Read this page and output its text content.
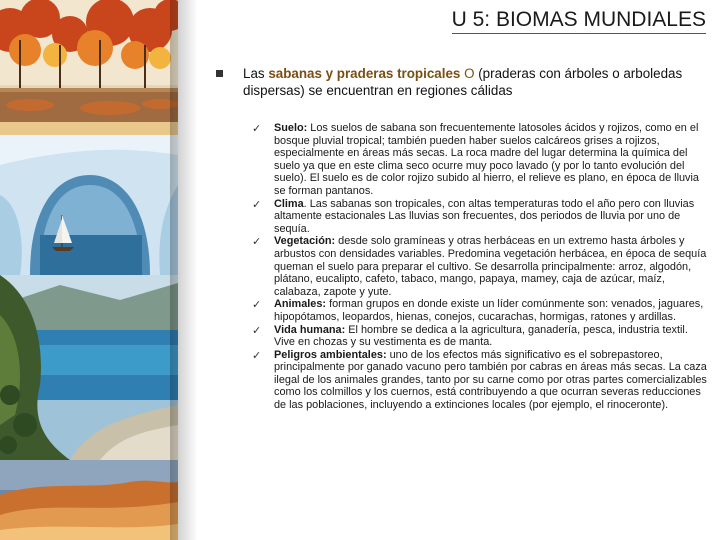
U 5: BIOMAS MUNDIALES
Las sabanas y praderas tropicales O (praderas con árboles o arboledas dispersas) se encuentran en regiones cálidas
✓ Suelo: Los suelos de sabana son frecuentemente latosoles ácidos y rojizos, como en el bosque pluvial tropical; también pueden haber suelos calcáreos grises a rojizos, especialmente en áreas más secas. La roca madre del lugar determina la química del suelo ya que en este clima seco ocurre muy poco lavado (y por lo tanto evolución del suelo). El suelo es de color rojizo subido al hierro, el relieve es plano, en época de lluvia se forman pantanos.
✓ Clima. Las sabanas son tropicales, con altas temperaturas todo el año pero con lluvias altamente estacionales Las lluvias son frecuentes, dos periodos de lluvia por uno de sequía.
✓ Vegetación: desde solo gramíneas y otras herbáceas en un extremo hasta árboles y arbustos con densidades variables. Predomina vegetación herbácea, en época de sequía queman el suelo para preparar el cultivo. Se desarrolla principalmente: arroz, algodón, plátano, eucalipto, cafeto, tabaco, mango, papaya, mamey, caja de azúcar, maíz, calabaza, zapote y yute.
✓ Animales: forman grupos en donde existe un líder comúnmente son: venados, jaguares, hipopótamos, leopardos, hienas, conejos, cucarachas, hormigas, ratones y ardillas.
✓ Vida humana: El hombre se dedica a la agricultura, ganadería, pesca, industria textil. Vive en chozas y su vestimenta es de manta.
✓ Peligros ambientales: uno de los efectos más significativo es el sobrepastoreo, principalmente por ganado vacuno pero también por cabras en áreas más secas. La caza ilegal de los animales grandes, tanto por su carne como por otras partes comercializables como los colmillos y los cuernos, está contribuyendo a que ocurran severas reducciones de las poblaciones, incluyendo a extinciones locales (por ejemplo, el rinoceronte).
